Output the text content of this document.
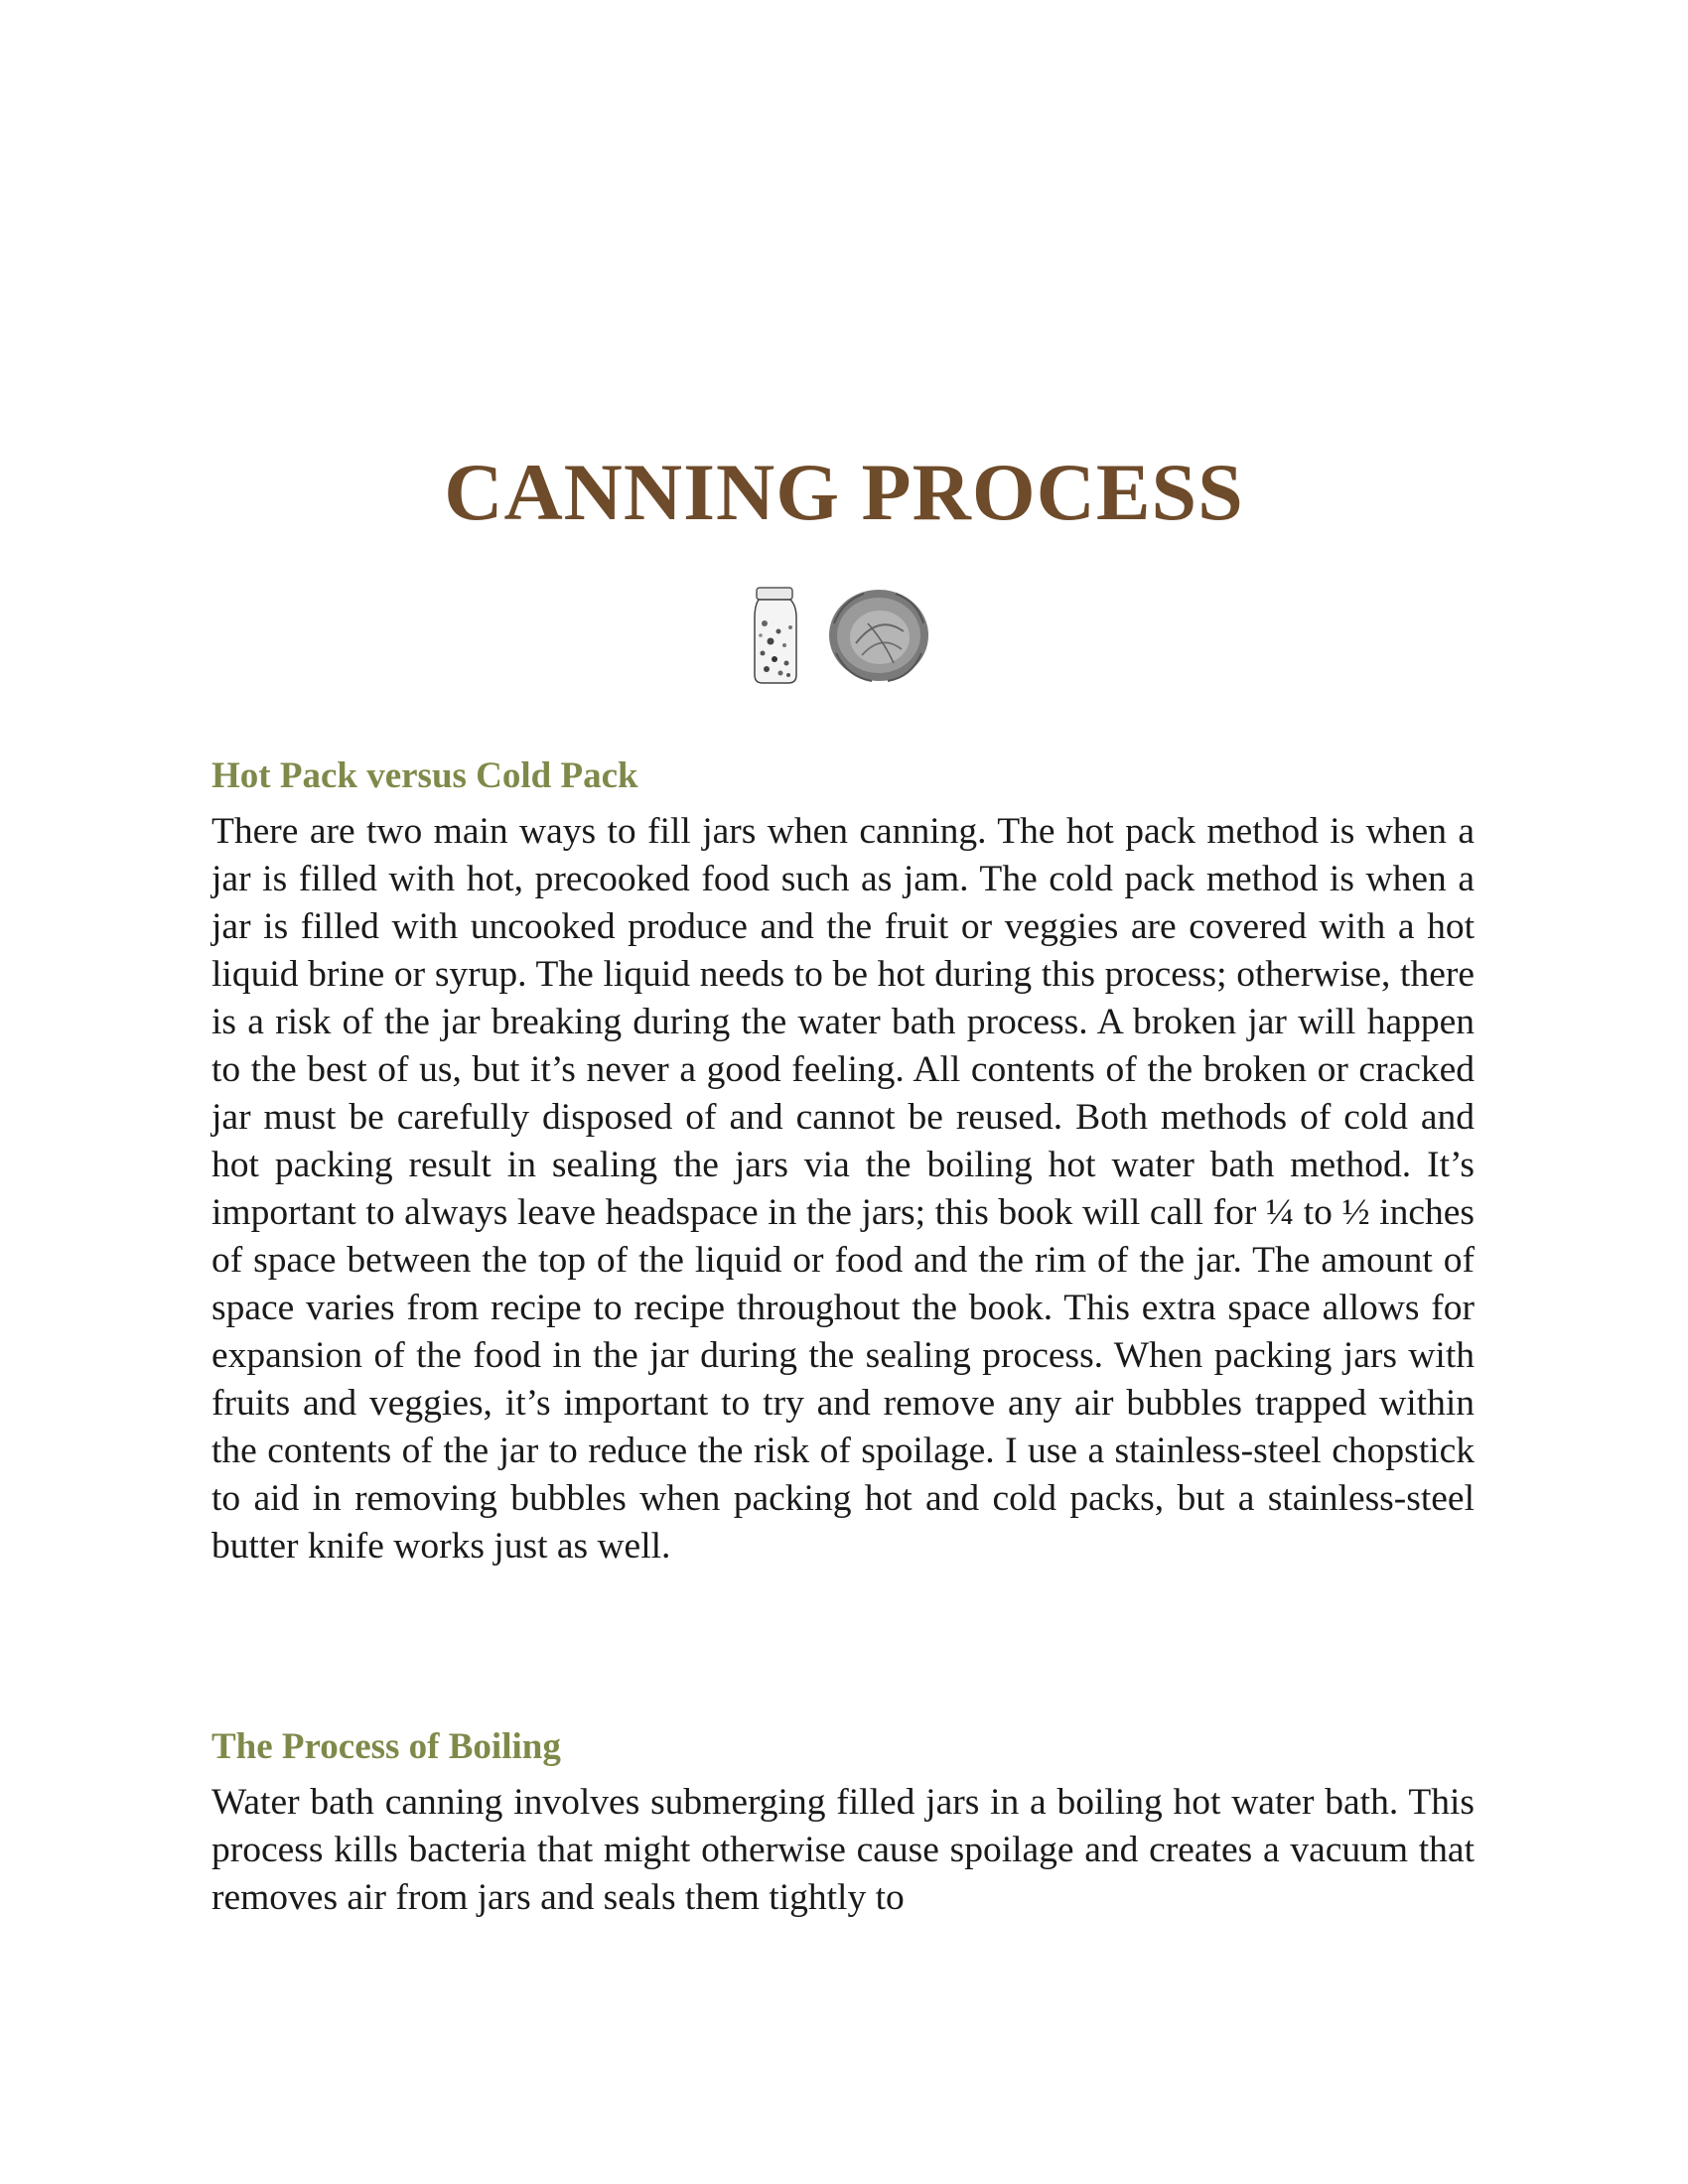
CANNING PROCESS
Hot Pack versus Cold Pack

There are two main ways to fill jars when canning. The hot pack method is when a jar is filled with hot, precooked food such as jam. The cold pack method is when a jar is filled with uncooked produce and the fruit or veggies are covered with a hot liquid brine or syrup. The liquid needs to be hot during this process; otherwise, there is a risk of the jar breaking during the water bath process. A broken jar will happen to the best of us, but it’s never a good feeling. All contents of the broken or cracked jar must be carefully disposed of and cannot be reused. Both methods of cold and hot packing result in sealing the jars via the boiling hot water bath method. It’s important to always leave headspace in the jars; this book will call for ¼ to ½ inches of space between the top of the liquid or food and the rim of the jar. The amount of space varies from recipe to recipe throughout the book. This extra space allows for expansion of the food in the jar during the sealing process. When packing jars with fruits and veggies, it’s important to try and remove any air bubbles trapped within the contents of the jar to reduce the risk of spoilage. I use a stainless-steel chopstick to aid in removing bubbles when packing hot and cold packs, but a stainless-steel butter knife works just as well.

The Process of Boiling

Water bath canning involves submerging filled jars in a boiling hot water bath. This process kills bacteria that might otherwise cause spoilage and creates a vacuum that removes air from jars and seals them tightly to
